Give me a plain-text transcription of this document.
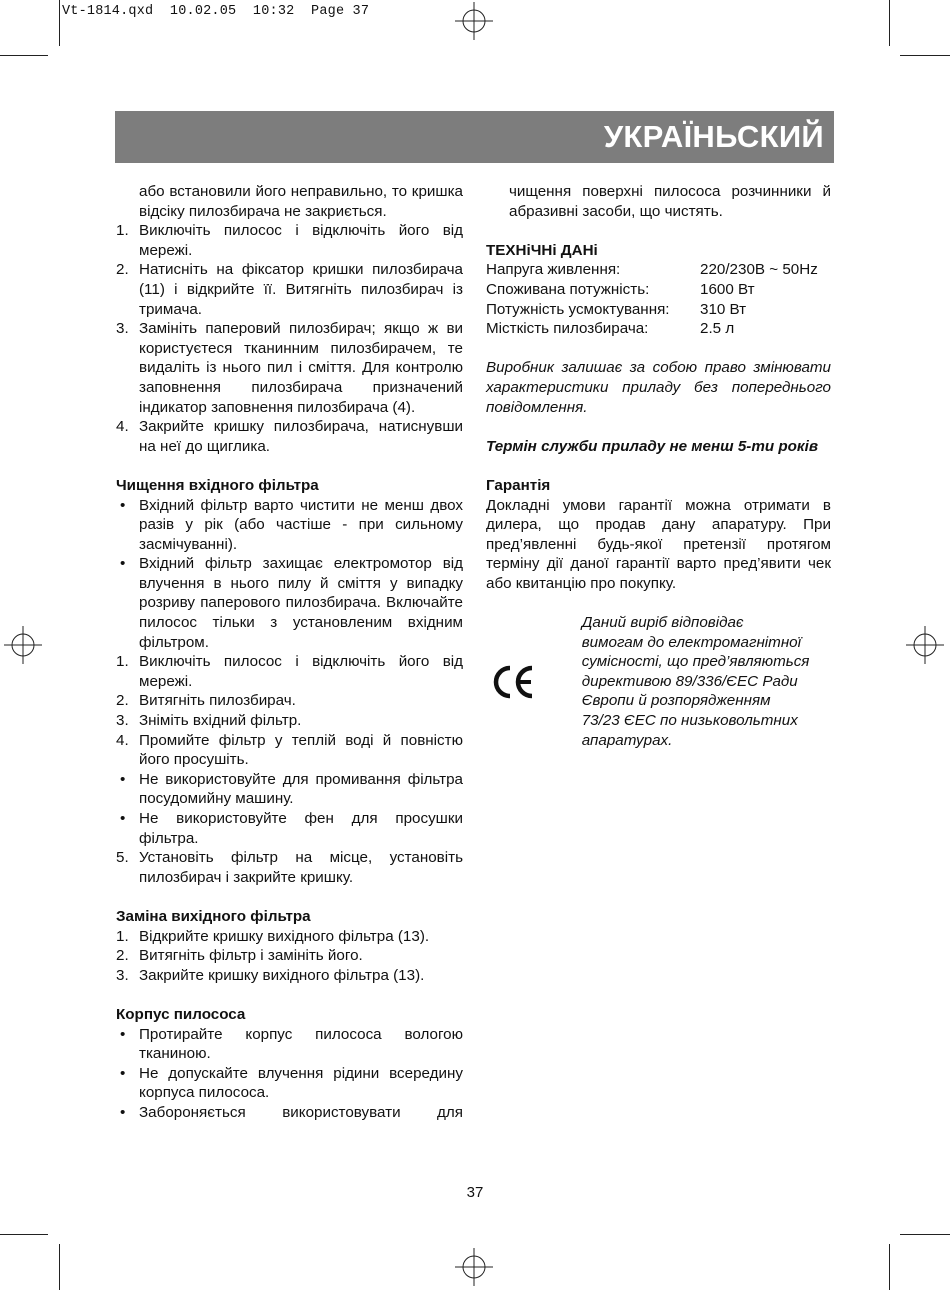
Vt-1814.qxd  10.02.05  10:32  Page 37
УКРАЇНЬСКИЙ
або встановили його неправильно, то кришка відсіку пилозбирача не закриється.
1. Виключіть пилосос і відключіть його від мережі.
2. Натисніть на фіксатор кришки пилозбирача (11) і відкрийте її. Витягніть пилозбирач із тримача.
3. Замініть паперовий пилозбирач; якщо ж ви користуєтеся тканинним пилозбирачем, те видаліть із нього пил і сміття. Для контролю заповнення пилозбирача призначений індикатор заповнення пилозбирача (4).
4. Закрийте кришку пилозбирача, натиснувши на неї до щиглика.
Чищення вхідного фільтра
• Вхідний фільтр варто чистити не менш двох разів у рік (або частіше - при сильному засмічуванні).
• Вхідний фільтр захищає електромотор від влучення в нього пилу й сміття у випадку розриву паперового пилозбирача. Включайте пилосос тільки з установленим вхідним фільтром.
1. Виключіть пилосос і відключіть його від мережі.
2. Витягніть пилозбирач.
3. Зніміть вхідний фільтр.
4. Промийте фільтр у теплій воді й повністю його просушіть.
• Не використовуйте для промивання фільтра посудомийну машину.
• Не використовуйте фен для просушки фільтра.
5. Установіть фільтр на місце, установіть пилозбирач і закрийте кришку.
Заміна вихідного фільтра
1. Відкрийте кришку вихідного фільтра (13).
2. Витягніть фільтр і замініть його.
3. Закрийте кришку вихідного фільтра (13).
Корпус пилососа
• Протирайте корпус пилососа вологою тканиною.
• Не допускайте влучення рідини всередину корпуса пилососа.
• Забороняється використовувати для
чищення поверхні пилососа розчинники й абразивні засоби, що чистять.
ТЕХНіЧНі ДАНі
Напруга живлення:	220/230В ~ 50Hz
Споживана потужність:	1600 Вт
Потужність усмоктування:	310 Вт
Місткість пилозбирача:	2.5 л
Виробник залишає за собою право змінювати характеристики приладу без попереднього повідомлення.
Термін служби приладу не менш 5-ти років
Гарантія
Докладні умови гарантії можна отримати в дилера, що продав дану апаратуру. При пред’явленні будь-якої претензії протягом терміну дії даної гарантії варто пред’явити чек або квитанцію про покупку.
Даний виріб відповідає
вимогам до електромагнітної
сумісності, що пред’являються
директивою 89/336/ЄЕС Ради
Європи й розпорядженням
73/23 ЄЕС по низьковольтних
апаратурах.
37
